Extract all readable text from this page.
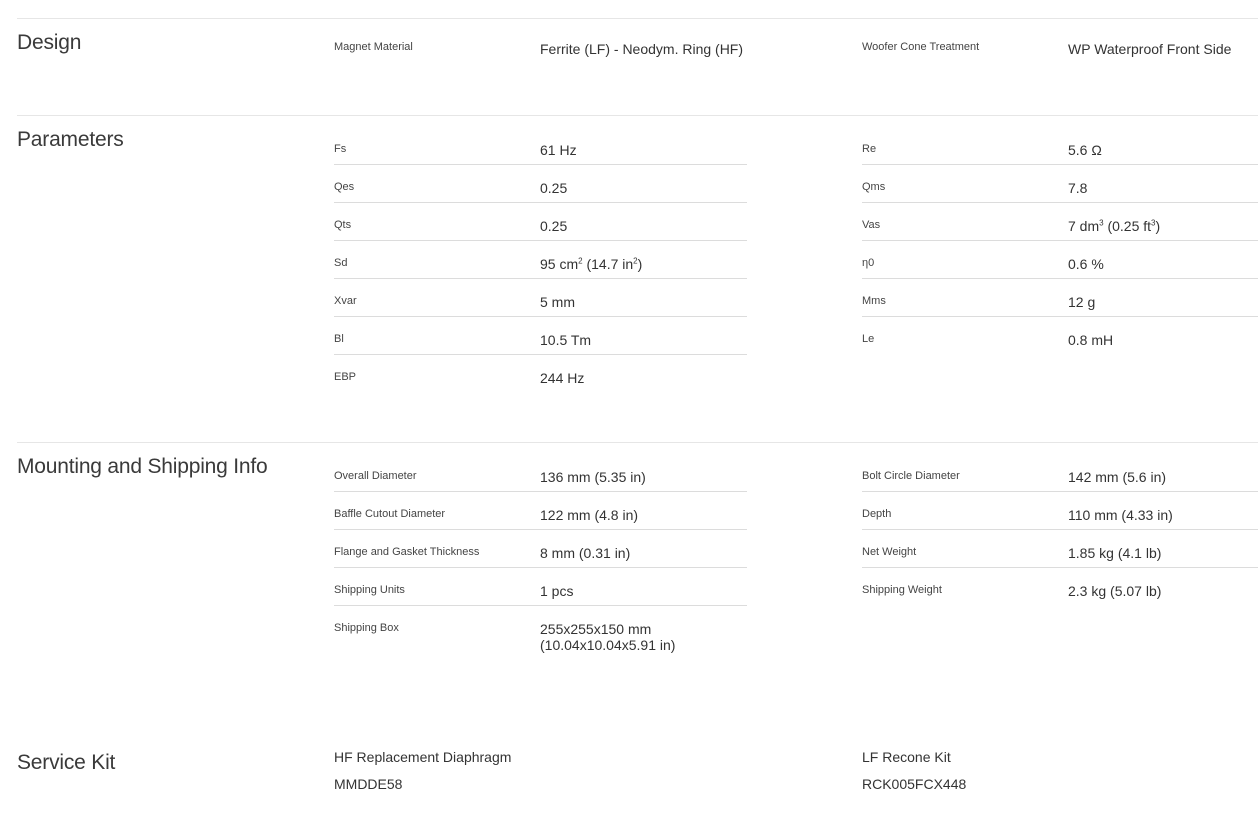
Design	Magnet Material	Ferrite (LF) - Neodym. Ring (HF)	Woofer Cone Treatment	WP Waterproof Front Side
Parameters	Fs	61 Hz
Qes	0.25
Qts	0.25
Sd	95 $cm^2$ (14.7 $in^2$)
Xvar	5 mm
Bl	10.5 Tm
EBP	244 Hz
Re	5.6 Ω
Qms	7.8
Vas	7 $dm^3$ (0.25 $ft^3$)
η0	0.6 %
Mms	12 g
Le	0.8 mH
Mounting and Shipping Info	Overall Diameter	136 mm (5.35 in)
Baffle Cutout Diameter	122 mm (4.8 in)
Flange and Gasket Thickness	8 mm (0.31 in)
Shipping Units	1 pcs
Shipping Box	255x255x150 mm
(10.04x10.04x5.91 in)
Bolt Circle Diameter	142 mm (5.6 in)
Depth	110 mm (4.33 in)
Net Weight	1.85 kg (4.1 lb)
Shipping Weight	2.3 kg (5.07 lb)
Service Kit	HF Replacement Diaphragm
MMDDE58
LF Recone Kit
RCK005FCX448
